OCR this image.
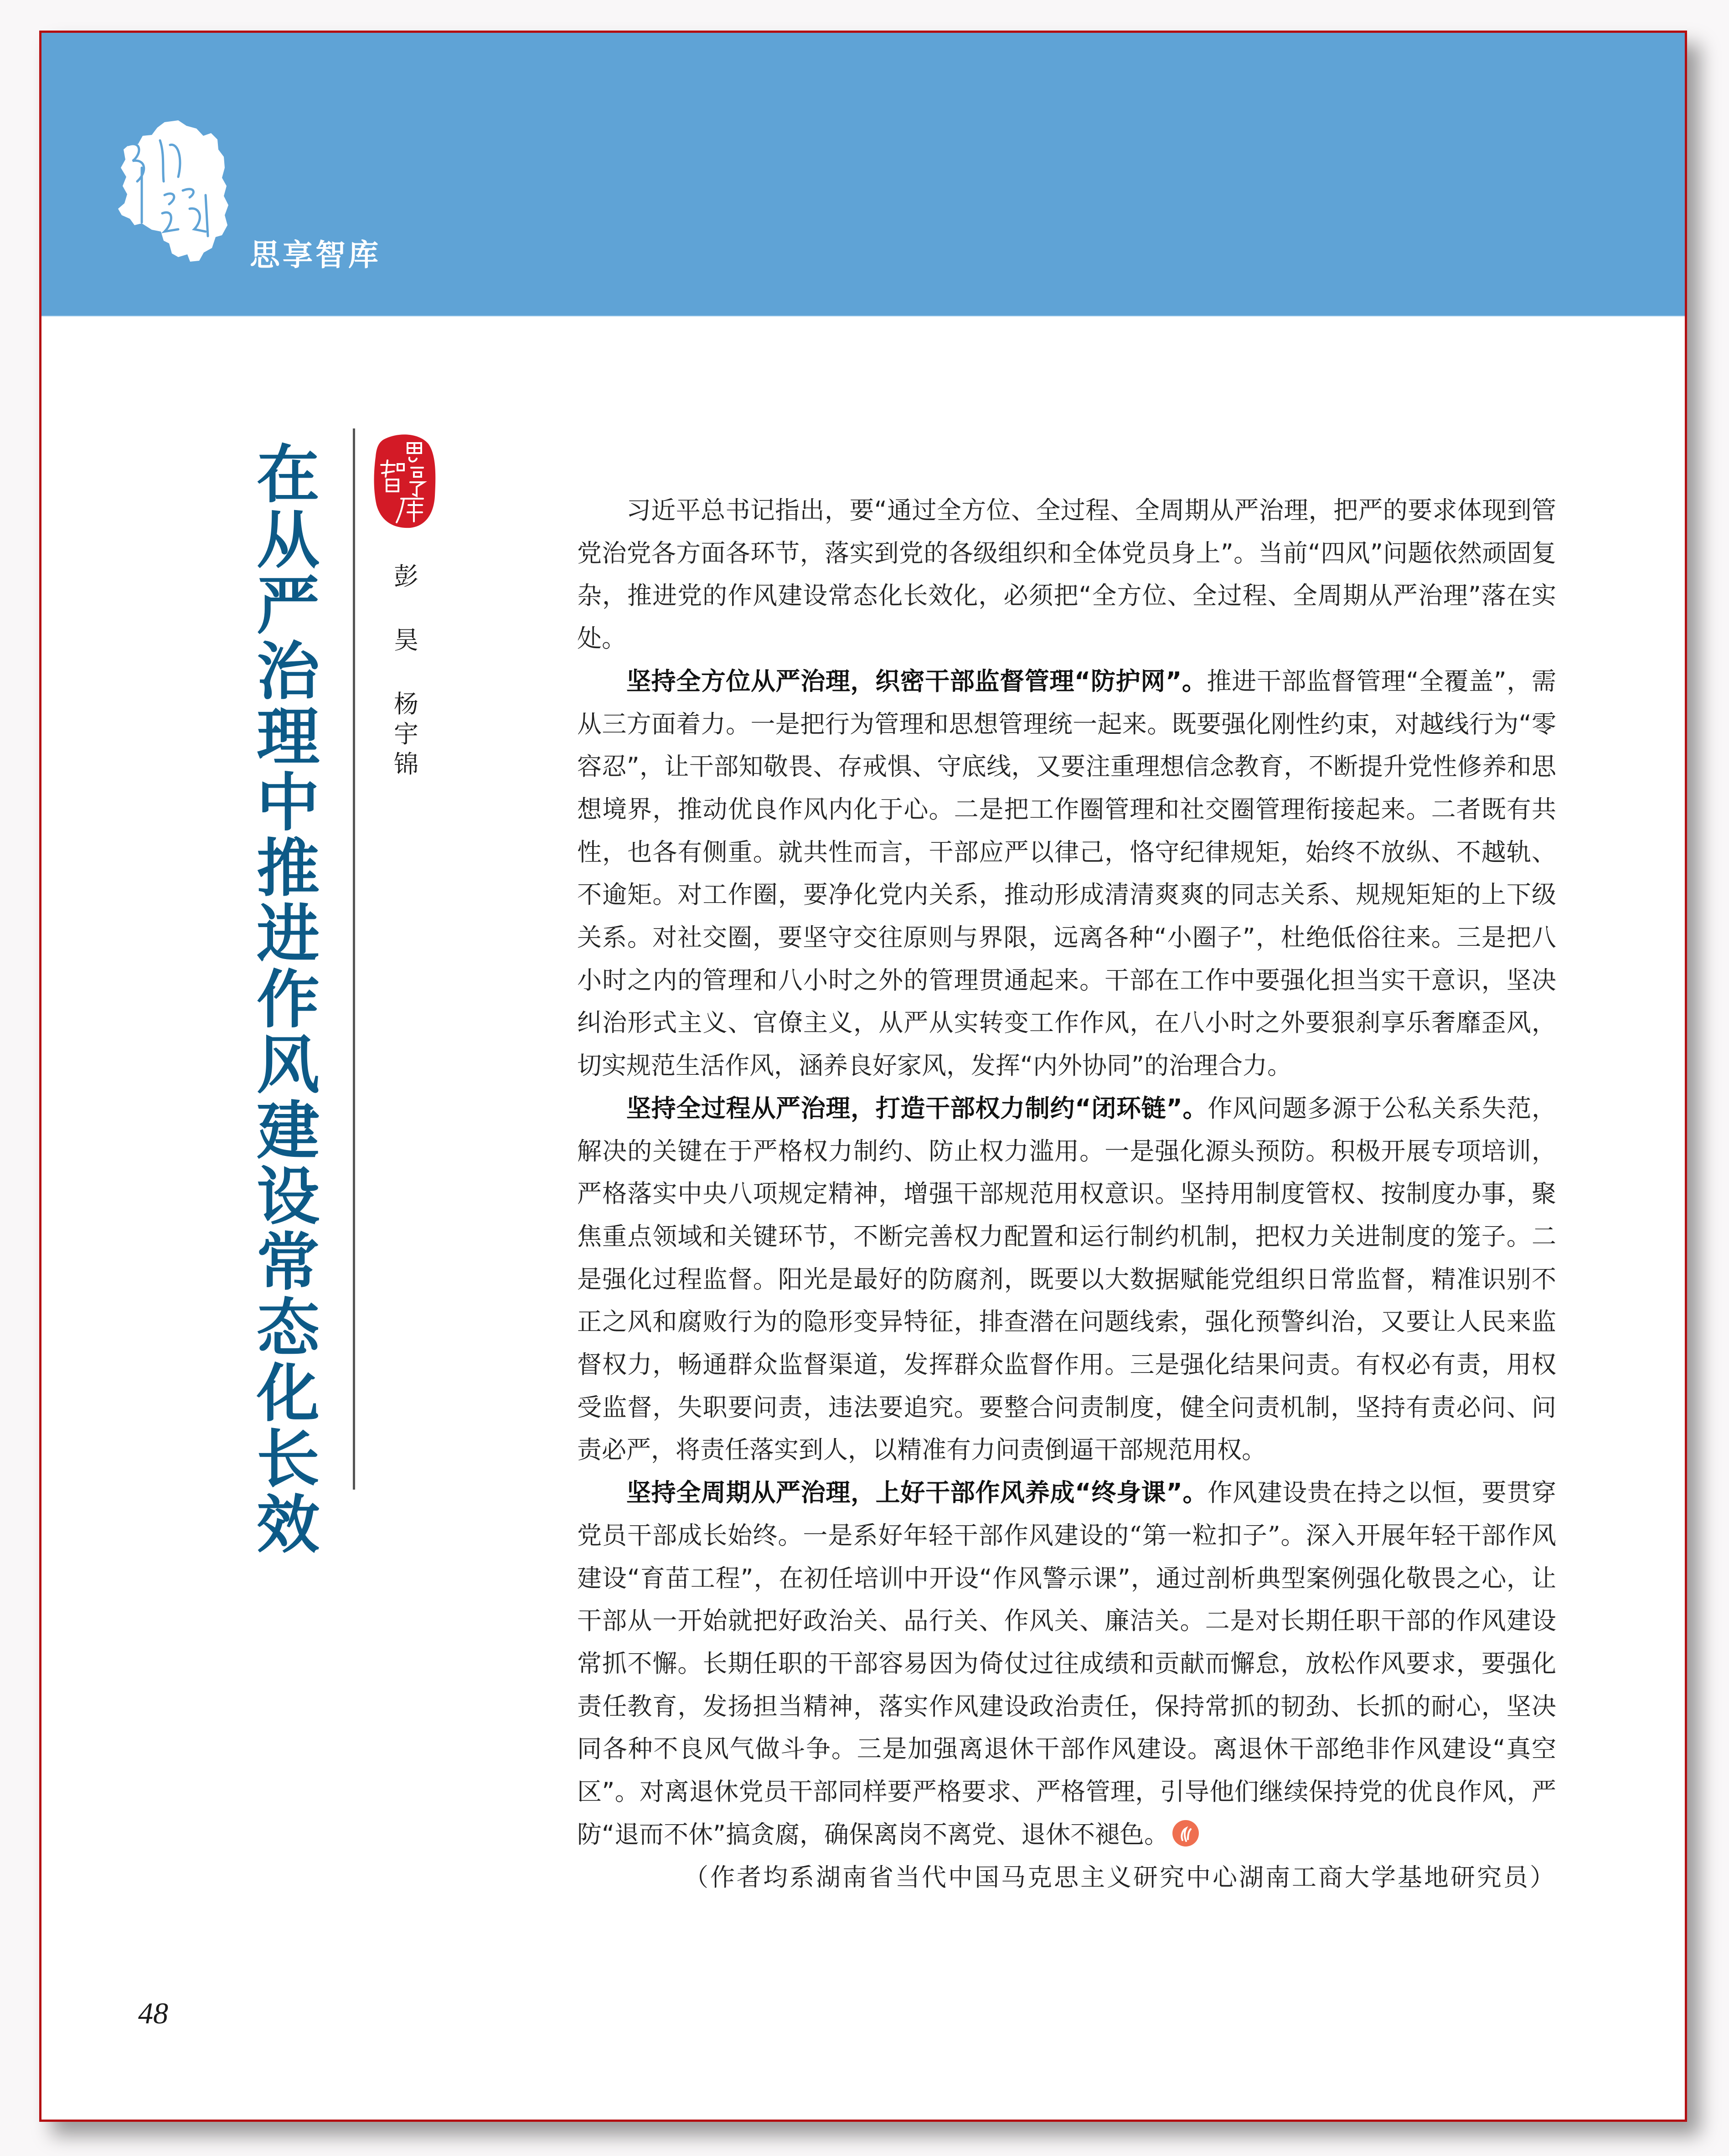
思享智库
在
从
严
治
理
中
推
进
作
风
建
设
常
态
化
长
效
彭
昊
杨
宇
锦

习近平总书记指出，要“通过全方位、全过程、全周期从严治理，把严的要求体现到管党治党各方面各环节，落实到党的各级组织和全体党员身上”。当前“四风”问题依然顽固复杂，推进党的作风建设常态化长效化，必须把“全方位、全过程、全周期从严治理”落在实处。

坚持全方位从严治理，织密干部监督管理“防护网”。推进干部监督管理“全覆盖”，需从三方面着力。一是把行为管理和思想管理统一起来。既要强化刚性约束，对越线行为“零容忍”，让干部知敬畏、存戒惧、守底线，又要注重理想信念教育，不断提升党性修养和思想境界，推动优良作风内化于心。二是把工作圈管理和社交圈管理衔接起来。二者既有共性，也各有侧重。就共性而言，干部应严以律己，恪守纪律规矩，始终不放纵、不越轨、不逾矩。对工作圈，要净化党内关系，推动形成清清爽爽的同志关系、规规矩矩的上下级关系。对社交圈，要坚守交往原则与界限，远离各种“小圈子”，杜绝低俗往来。三是把八小时之内的管理和八小时之外的管理贯通起来。干部在工作中要强化担当实干意识，坚决纠治形式主义、官僚主义，从严从实转变工作作风，在八小时之外要狠刹享乐奢靡歪风，切实规范生活作风，涵养良好家风，发挥“内外协同”的治理合力。

坚持全过程从严治理，打造干部权力制约“闭环链”。作风问题多源于公私关系失范，解决的关键在于严格权力制约、防止权力滥用。一是强化源头预防。积极开展专项培训，严格落实中央八项规定精神，增强干部规范用权意识。坚持用制度管权、按制度办事，聚焦重点领域和关键环节，不断完善权力配置和运行制约机制，把权力关进制度的笼子。二是强化过程监督。阳光是最好的防腐剂，既要以大数据赋能党组织日常监督，精准识别不正之风和腐败行为的隐形变异特征，排查潜在问题线索，强化预警纠治，又要让人民来监督权力，畅通群众监督渠道，发挥群众监督作用。三是强化结果问责。有权必有责，用权受监督，失职要问责，违法要追究。要整合问责制度，健全问责机制，坚持有责必问、问责必严，将责任落实到人，以精准有力问责倒逼干部规范用权。

坚持全周期从严治理，上好干部作风养成“终身课”。作风建设贵在持之以恒，要贯穿党员干部成长始终。一是系好年轻干部作风建设的“第一粒扣子”。深入开展年轻干部作风建设“育苗工程”，在初任培训中开设“作风警示课”，通过剖析典型案例强化敬畏之心，让干部从一开始就把好政治关、品行关、作风关、廉洁关。二是对长期任职干部的作风建设常抓不懈。长期任职的干部容易因为倚仗过往成绩和贡献而懈怠，放松作风要求，要强化责任教育，发扬担当精神，落实作风建设政治责任，保持常抓的韧劲、长抓的耐心，坚决同各种不良风气做斗争。三是加强离退休干部作风建设。离退休干部绝非作风建设“真空区”。对离退休党员干部同样要严格要求、严格管理，引导他们继续保持党的优良作风，严防“退而不休”搞贪腐，确保离岗不离党、退休不褪色。

（作者均系湖南省当代中国马克思主义研究中心湖南工商大学基地研究员）

48
